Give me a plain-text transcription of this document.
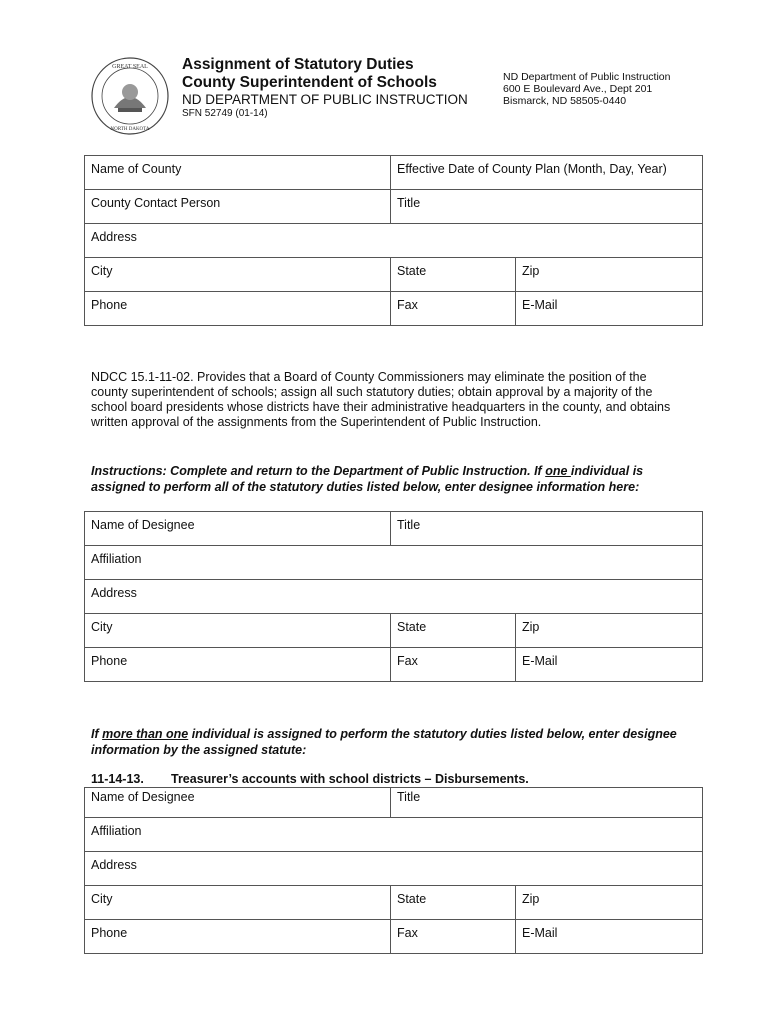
GREAT SEAL
NORTH DAKOTA
Assignment of Statutory Duties
County Superintendent of Schools
ND DEPARTMENT OF PUBLIC INSTRUCTION
SFN 52749 (01-14)
ND Department of Public Instruction
600 E Boulevard Ave., Dept 201
Bismarck, ND 58505-0440
Name of County	Effective Date of County Plan (Month, Day, Year)	
County Contact Person	Title	
Address		
City	State	Zip
Phone	Fax	E-Mail
NDCC 15.1-11-02. Provides that a Board of County Commissioners may eliminate the position of the county superintendent of schools; assign all such statutory duties; obtain approval by a majority of the school board presidents whose districts have their administrative headquarters in the county, and obtains written approval of the assignments from the Superintendent of Public Instruction.
Instructions: Complete and return to the Department of Public Instruction. If one individual is assigned to perform all of the statutory duties listed below, enter designee information here:
Name of Designee	Title	
Affiliation		
Address		
City	State	Zip
Phone	Fax	E-Mail
If more than one individual is assigned to perform the statutory duties listed below, enter designee information by the assigned statute:
11-14-13. Treasurer’s accounts with school districts – Disbursements.
Name of Designee	Title	
Affiliation		
Address		
City	State	Zip
Phone	Fax	E-Mail
